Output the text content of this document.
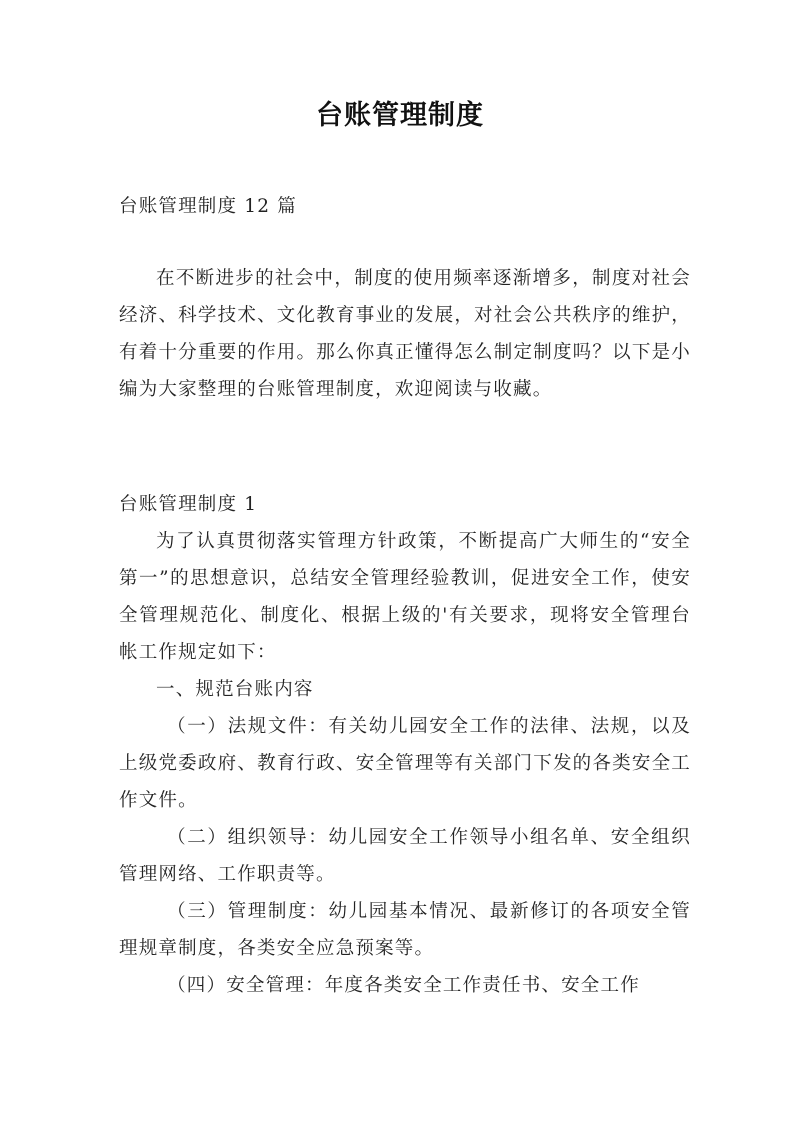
台账管理制度

台账管理制度 12 篇

在不断进步的社会中，制度的使用频率逐渐增多，制度对社会经济、科学技术、文化教育事业的发展，对社会公共秩序的维护，有着十分重要的作用。那么你真正懂得怎么制定制度吗？以下是小编为大家整理的台账管理制度，欢迎阅读与收藏。

台账管理制度 1

为了认真贯彻落实管理方针政策，不断提高广大师生的“安全第一”的思想意识，总结安全管理经验教训，促进安全工作，使安全管理规范化、制度化、根据上级的'有关要求，现将安全管理台帐工作规定如下：

一、规范台账内容

（一）法规文件：有关幼儿园安全工作的法律、法规，以及上级党委政府、教育行政、安全管理等有关部门下发的各类安全工作文件。

（二）组织领导：幼儿园安全工作领导小组名单、安全组织管理网络、工作职责等。

（三）管理制度：幼儿园基本情况、最新修订的各项安全管理规章制度，各类安全应急预案等。

（四）安全管理：年度各类安全工作责任书、安全工作
